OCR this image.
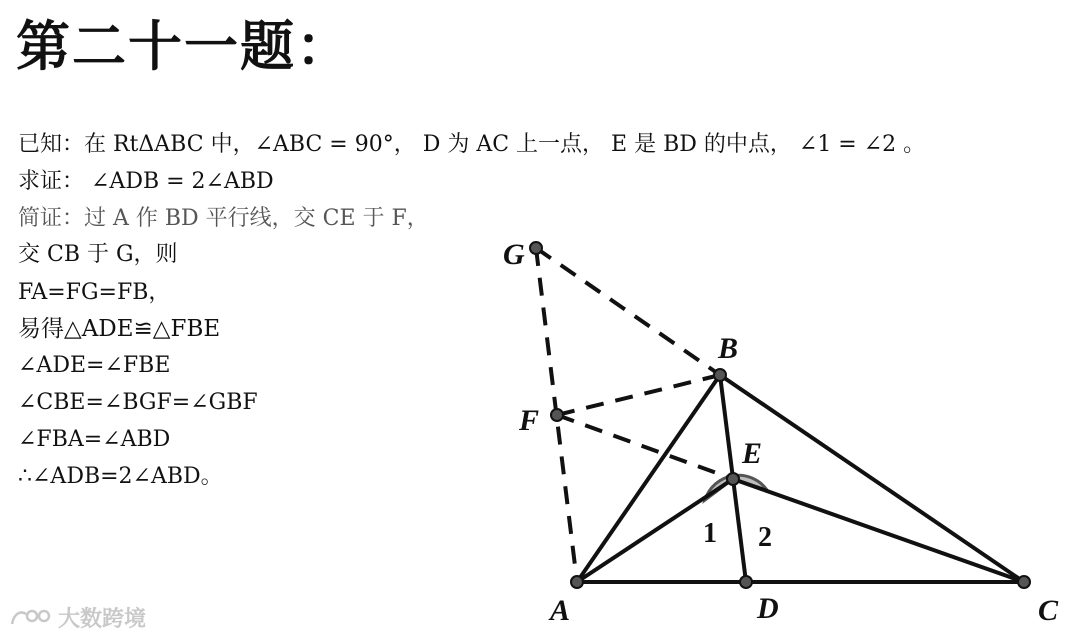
第二十一题：
已知：在 RtΔABC 中，∠ABC = 90°， D 为 AC 上一点， E 是 BD 的中点， ∠1 = ∠2 。
求证： ∠ADB = 2∠ABD
简证：过 A 作 BD 平行线，交 CE 于 F，
交 CB 于 G，则
FA=FG=FB，
易得△ADE≌△FBE
∠ADE=∠FBE
∠CBE=∠BGF=∠GBF
∠FBA=∠ABD
∴∠ADB=2∠ABD。
G
B
F
E
A	D	C
1 2
大数跨境
